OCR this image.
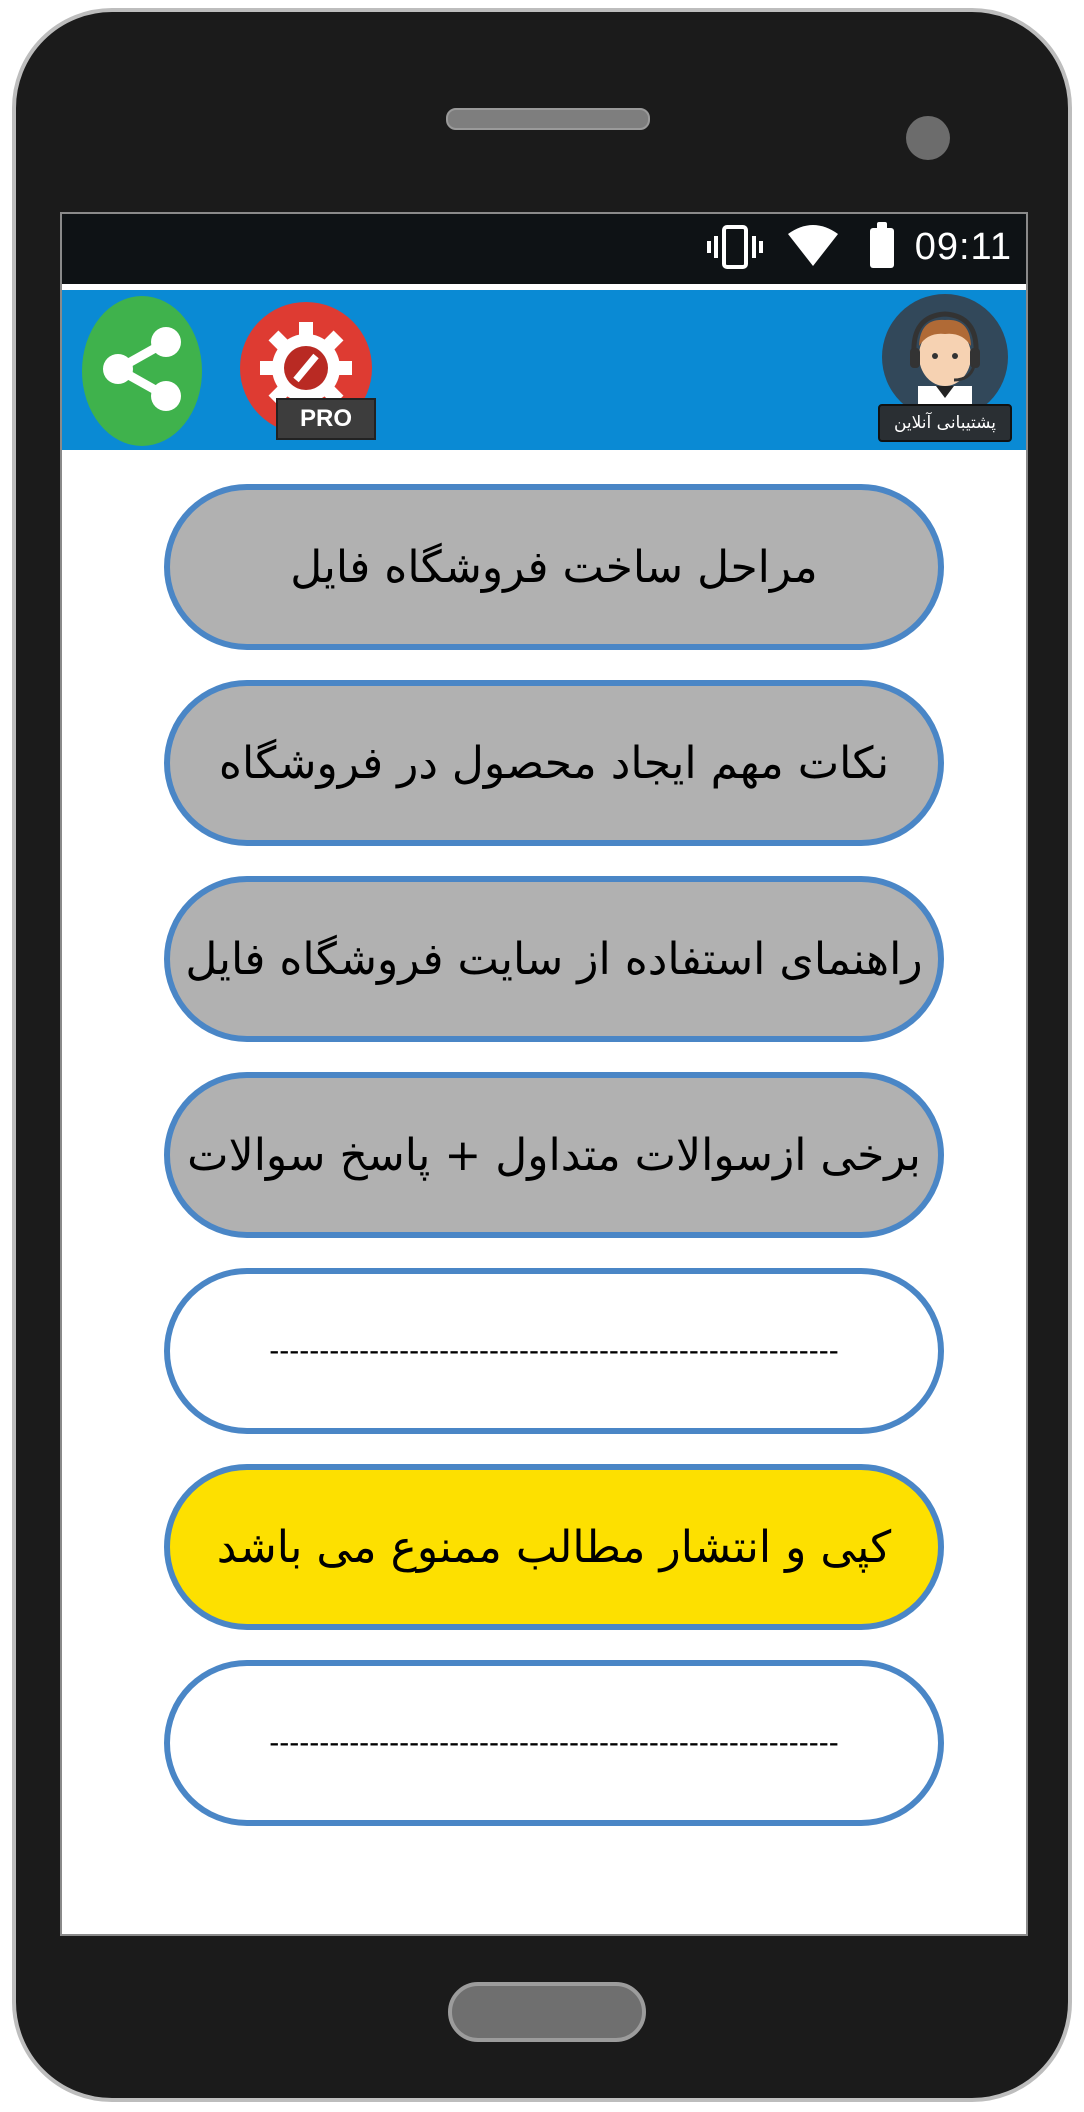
09:11
PRO	پشتیبانی آنلاین
مراحل ساخت فروشگاه فایل
نکات مهم ایجاد محصول در فروشگاه
راهنمای استفاده از سایت فروشگاه فایل
برخی ازسوالات متداول + پاسخ سوالات
---------------------------------------------------------
کپی و انتشار مطالب ممنوع می باشد
---------------------------------------------------------
